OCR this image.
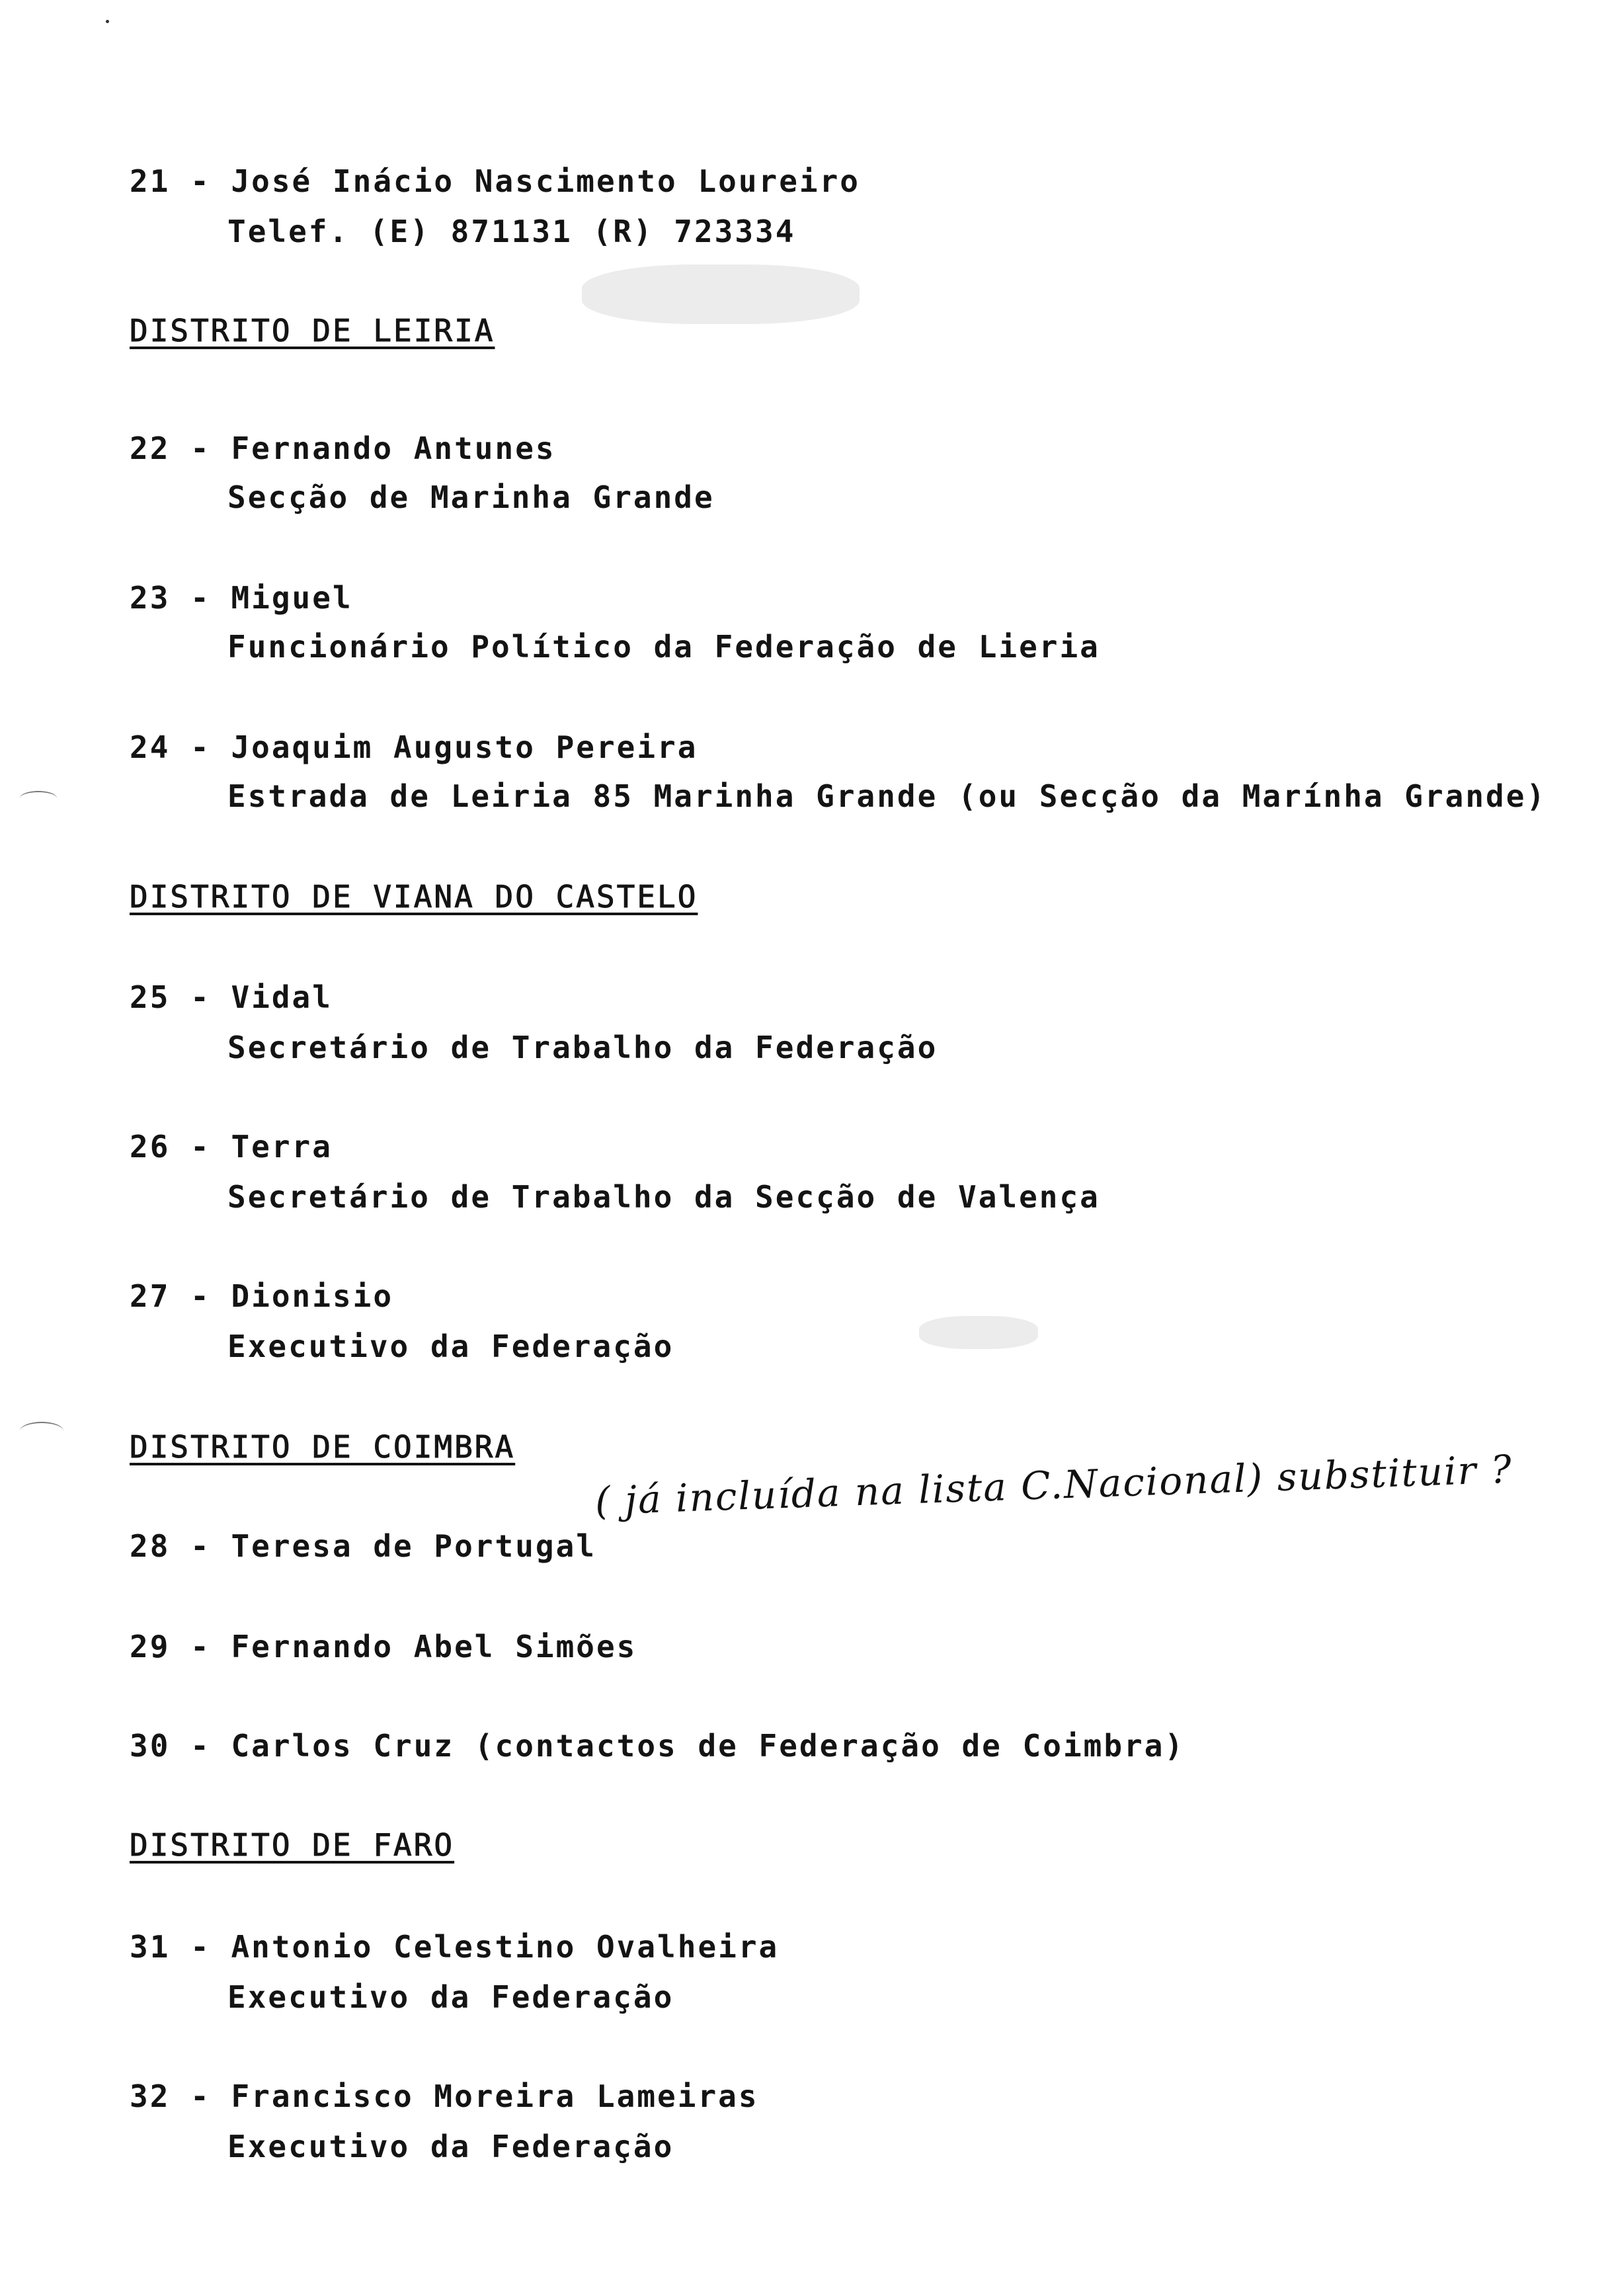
21 - José Inácio Nascimento Loureiro
Telef. (E) 871131 (R) 723334
DISTRITO DE LEIRIA
22 - Fernando Antunes
Secção de Marinha Grande
23 - Miguel
Funcionário Político da Federação de Lieria
24 - Joaquim Augusto Pereira
Estrada de Leiria 85 Marinha Grande (ou Secção da Marínha Grande)
DISTRITO DE VIANA DO CASTELO
25 - Vidal
Secretário de Trabalho da Federação
26 - Terra
Secretário de Trabalho da Secção de Valença
27 - Dionisio
Executivo da Federação
DISTRITO DE COIMBRA
28 - Teresa de Portugal
( já incluída na lista C.Nacional) substituir ?
29 - Fernando Abel Simões
30 - Carlos Cruz (contactos de Federação de Coimbra)
DISTRITO DE FARO
31 - Antonio Celestino Ovalheira
Executivo da Federação
32 - Francisco Moreira Lameiras
Executivo da Federação
